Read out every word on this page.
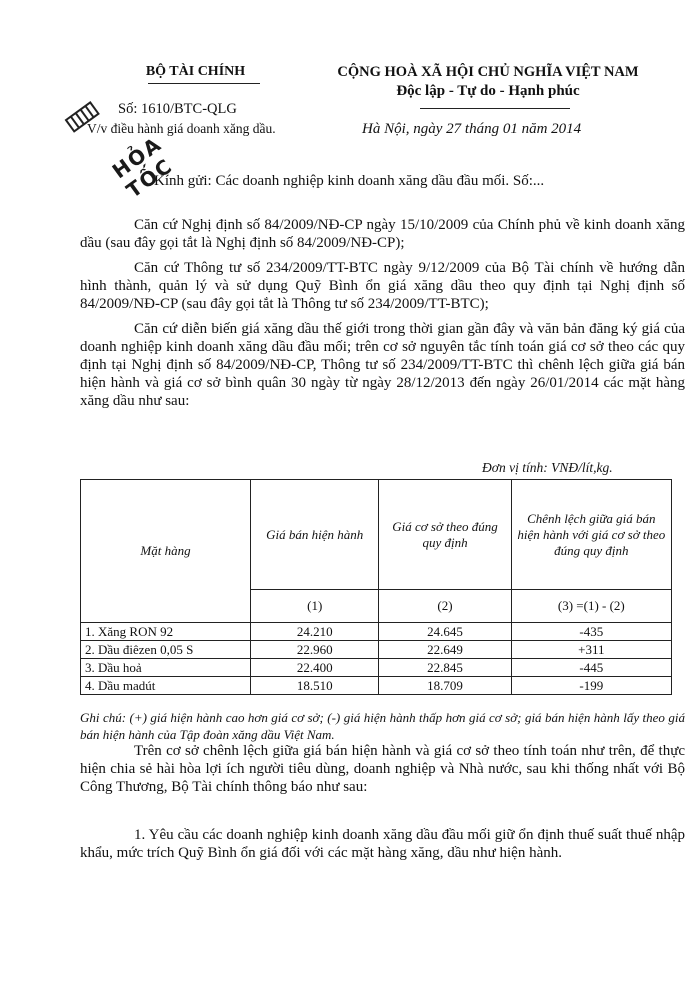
BỘ TÀI CHÍNH	CỘNG HOÀ XÃ HỘI CHỦ NGHĨA VIỆT NAM
Độc lập - Tự do - Hạnh phúc
Số: 1610/BTC-QLG
V/v điều hành giá doanh xăng dầu.	Hà Nội, ngày 27 tháng 01 năm 2014
HỎA TỐC
Kính gửi: Các doanh nghiệp kinh doanh xăng dầu đầu mối. Số:...

Căn cứ Nghị định số 84/2009/NĐ-CP ngày 15/10/2009 của Chính phủ về kinh doanh xăng dầu (sau đây gọi tắt là Nghị định số 84/2009/NĐ-CP);

Căn cứ Thông tư số 234/2009/TT-BTC ngày 9/12/2009 của Bộ Tài chính về hướng dẫn hình thành, quản lý và sử dụng Quỹ Bình ổn giá xăng dầu theo quy định tại Nghị định số 84/2009/NĐ-CP (sau đây gọi tắt là Thông tư số 234/2009/TT-BTC);

Căn cứ diễn biến giá xăng dầu thế giới trong thời gian gần đây và văn bản đăng ký giá của doanh nghiệp kinh doanh xăng dầu đầu mối; trên cơ sở nguyên tắc tính toán giá cơ sở theo các quy định tại Nghị định số 84/2009/NĐ-CP, Thông tư số 234/2009/TT-BTC thì chênh lệch giữa giá bán hiện hành và giá cơ sở bình quân 30 ngày từ ngày 28/12/2013 đến ngày 26/01/2014 các mặt hàng xăng dầu như sau:

Đơn vị tính: VNĐ/lít,kg.
Mặt hàng	Giá bán hiện hành	Giá cơ sở theo đúng quy định	Chênh lệch giữa giá bán hiện hành với giá cơ sở theo đúng quy định
	(1)	(2)	(3) =(1) - (2)
1. Xăng RON 92	24.210	24.645	-435
2. Dầu điêzen 0,05 S	22.960	22.649	+311
3. Dầu hoả	22.400	22.845	-445
4. Dầu madút	18.510	18.709	-199
Ghi chú: (+) giá hiện hành cao hơn giá cơ sở; (-) giá hiện hành thấp hơn giá cơ sở; giá bán hiện hành lấy theo giá bán hiện hành của Tập đoàn xăng dầu Việt Nam.

Trên cơ sở chênh lệch giữa giá bán hiện hành và giá cơ sở theo tính toán như trên, để thực hiện chia sẻ hài hòa lợi ích người tiêu dùng, doanh nghiệp và Nhà nước, sau khi thống nhất với Bộ Công Thương, Bộ Tài chính thông báo như sau:

1. Yêu cầu các doanh nghiệp kinh doanh xăng dầu đầu mối giữ ổn định thuế suất thuế nhập khẩu, mức trích Quỹ Bình ổn giá đối với các mặt hàng xăng, dầu như hiện hành.
